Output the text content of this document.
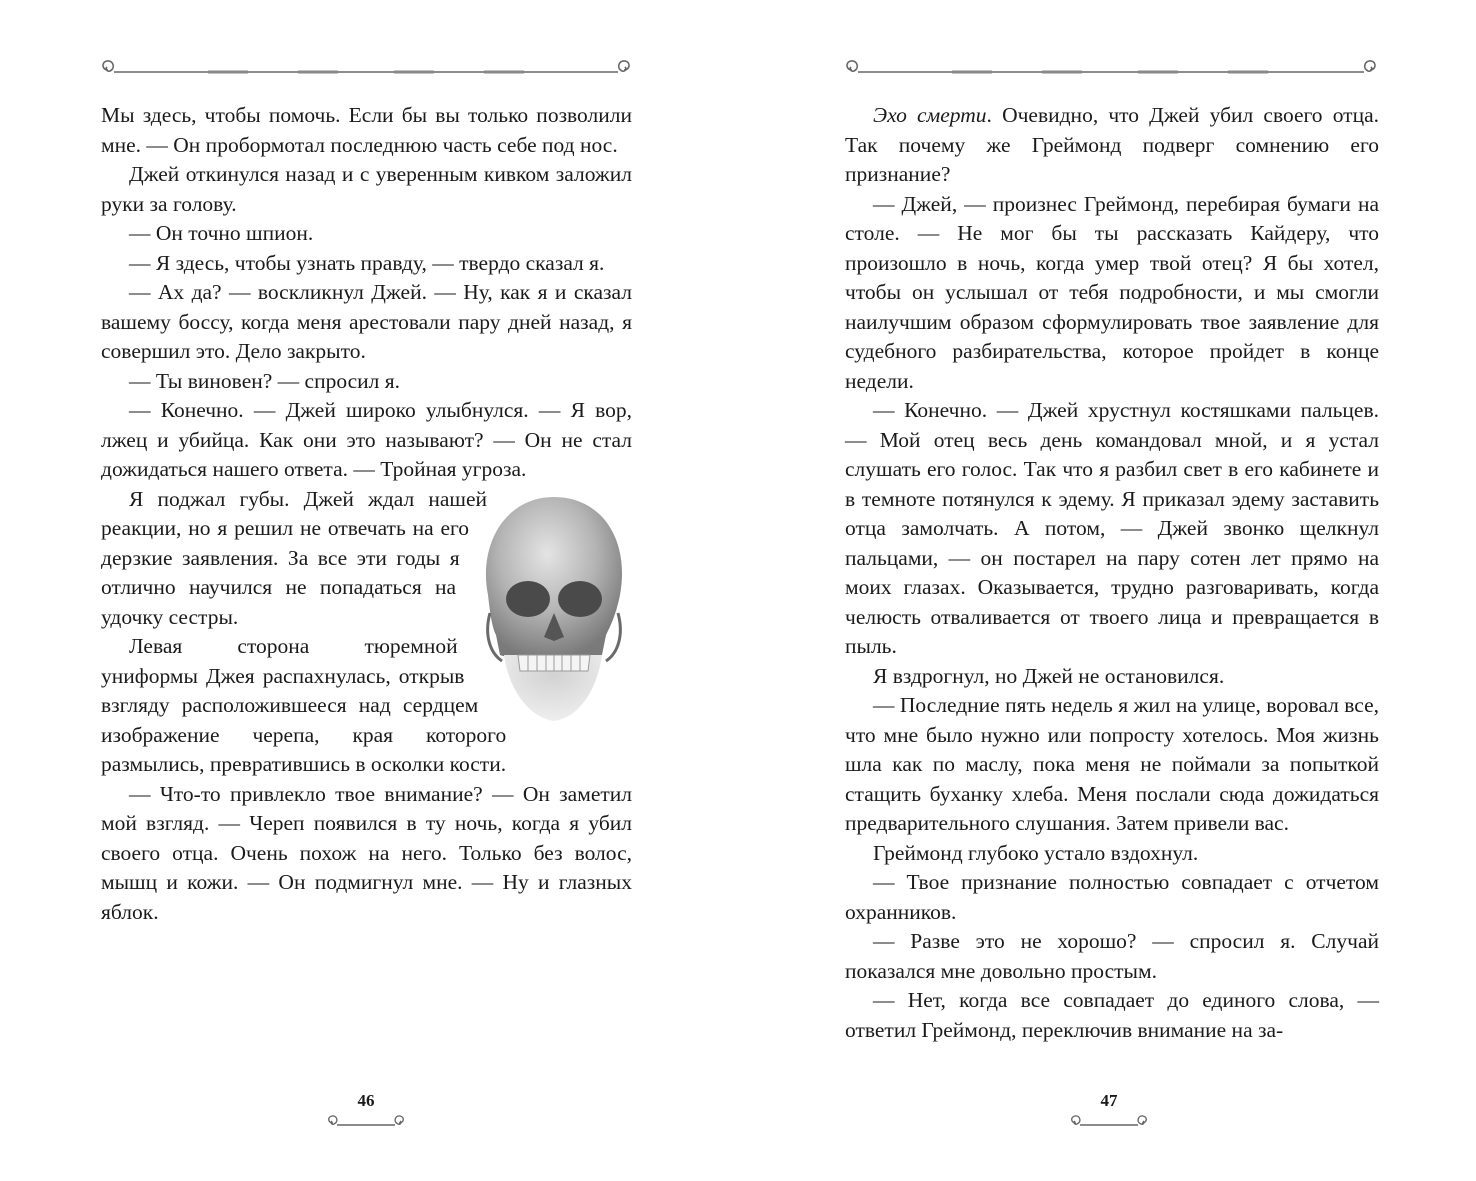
Мы здесь, чтобы помочь. Если бы вы только позволили мне. — Он пробормотал последнюю часть себе под нос.

Джей откинулся назад и с уверенным кивком заложил руки за голову.

— Он точно шпион.

— Я здесь, чтобы узнать правду, — твердо сказал я.

— Ах да? — воскликнул Джей. — Ну, как я и сказал вашему боссу, когда меня арестовали пару дней назад, я совершил это. Дело закрыто.

— Ты виновен? — спросил я.

— Конечно. — Джей широко улыбнулся. — Я вор, лжец и убийца. Как они это называют? — Он не стал дожидаться нашего ответа. — Тройная угроза.

Я поджал губы. Джей ждал нашей реакции, но я решил не отвечать на его дерзкие заявления. За все эти годы я отлично научился не попадаться на удочку сестры.

Левая сторона тюремной униформы Джея распахнулась, открыв взгляду расположившееся над сердцем изображение черепа, края которого размылись, превратившись в осколки кости.

— Что-то привлекло твое внимание? — Он заметил мой взгляд. — Череп появился в ту ночь, когда я убил своего отца. Очень похож на него. Только без волос, мышц и кожи. — Он подмигнул мне. — Ну и глазных яблок.

46

Эхо смерти. Очевидно, что Джей убил своего отца. Так почему же Греймонд подверг сомнению его признание?

— Джей, — произнес Греймонд, перебирая бумаги на столе. — Не мог бы ты рассказать Кайдеру, что произошло в ночь, когда умер твой отец? Я бы хотел, чтобы он услышал от тебя подробности, и мы смогли наилучшим образом сформулировать твое заявление для судебного разбирательства, которое пройдет в конце недели.

— Конечно. — Джей хрустнул костяшками пальцев. — Мой отец весь день командовал мной, и я устал слушать его голос. Так что я разбил свет в его кабинете и в темноте потянулся к эдему. Я приказал эдему заставить отца замолчать. А потом, — Джей звонко щелкнул пальцами, — он постарел на пару сотен лет прямо на моих глазах. Оказывается, трудно разговаривать, когда челюсть отваливается от твоего лица и превращается в пыль.

Я вздрогнул, но Джей не остановился.

— Последние пять недель я жил на улице, воровал все, что мне было нужно или попросту хотелось. Моя жизнь шла как по маслу, пока меня не поймали за попыткой стащить буханку хлеба. Меня послали сюда дожидаться предварительного слушания. Затем привели вас.

Греймонд глубоко устало вздохнул.

— Твое признание полностью совпадает с отчетом охранников.

— Разве это не хорошо? — спросил я. Случай показался мне довольно простым.

— Нет, когда все совпадает до единого слова, — ответил Греймонд, переключив внимание на за-

47
